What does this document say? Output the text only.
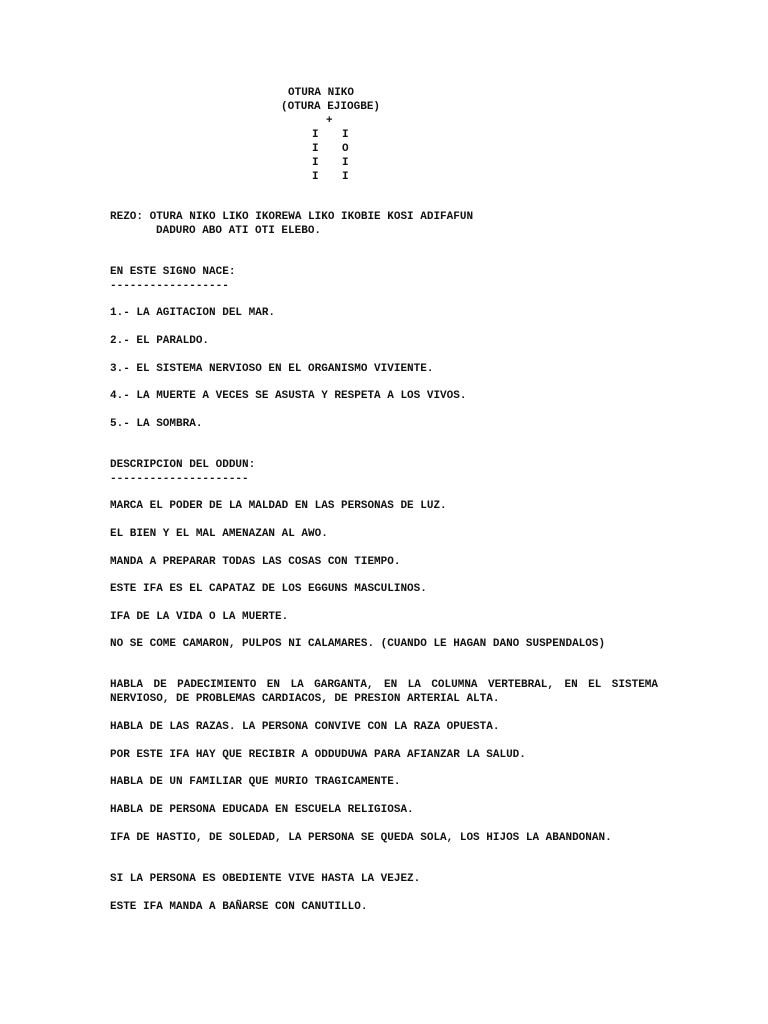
OTURA NIKO
(OTURA EJIOGBE)
+
I I
I O
I I
I I
REZO: OTURA NIKO LIKO IKOREWA LIKO IKOBIE KOSI ADIFAFUN
DADURO ABO ATI OTI ELEBO.
EN ESTE SIGNO NACE:
------------------
1.- LA AGITACION DEL MAR.
2.- EL PARALDO.
3.- EL SISTEMA NERVIOSO EN EL ORGANISMO VIVIENTE.
4.- LA MUERTE A VECES SE ASUSTA Y RESPETA A LOS VIVOS.
5.- LA SOMBRA.
DESCRIPCION DEL ODDUN:
---------------------

MARCA EL PODER DE LA MALDAD EN LAS PERSONAS DE LUZ.

EL BIEN Y EL MAL AMENAZAN AL AWO.

MANDA A PREPARAR TODAS LAS COSAS CON TIEMPO.

ESTE IFA ES EL CAPATAZ DE LOS EGGUNS MASCULINOS.

IFA DE LA VIDA O LA MUERTE.

NO SE COME CAMARON, PULPOS NI CALAMARES. (CUANDO LE HAGAN DANO SUSPENDALOS)

HABLA DE PADECIMIENTO EN LA GARGANTA, EN LA COLUMNA VERTEBRAL, EN EL SISTEMA NERVIOSO, DE PROBLEMAS CARDIACOS, DE PRESION ARTERIAL ALTA.

HABLA DE LAS RAZAS. LA PERSONA CONVIVE CON LA RAZA OPUESTA.

POR ESTE IFA HAY QUE RECIBIR A ODDUDUWA PARA AFIANZAR LA SALUD.

HABLA DE UN FAMILIAR QUE MURIO TRAGICAMENTE.

HABLA DE PERSONA EDUCADA EN ESCUELA RELIGIOSA.

IFA DE HASTIO, DE SOLEDAD, LA PERSONA SE QUEDA SOLA, LOS HIJOS LA ABANDONAN.

SI LA PERSONA ES OBEDIENTE VIVE HASTA LA VEJEZ.

ESTE IFA MANDA A BAÑARSE CON CANUTILLO.
